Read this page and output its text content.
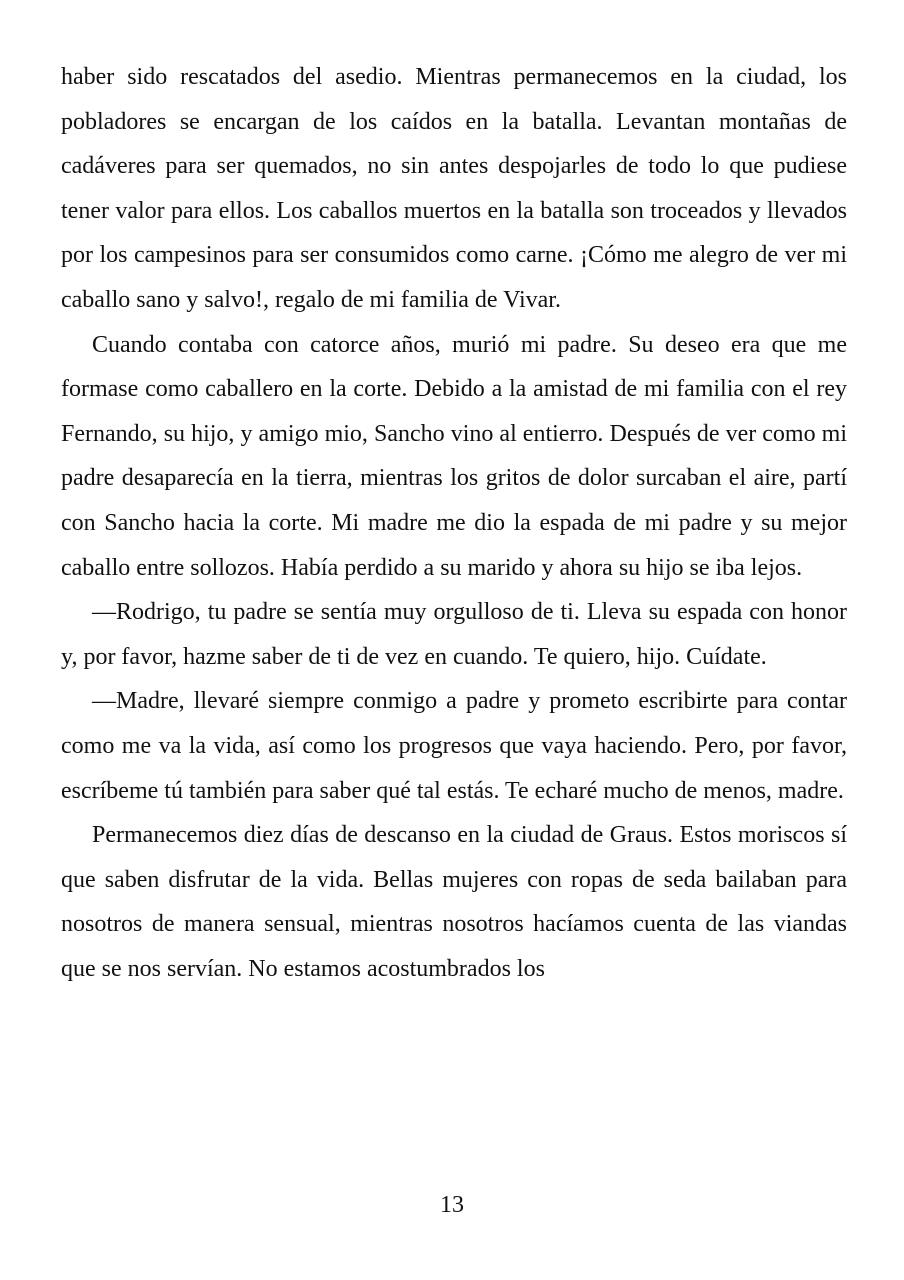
haber sido rescatados del asedio. Mientras permanecemos en la ciudad, los pobladores se encargan de los caídos en la batalla. Levantan montañas de cadáveres para ser quemados, no sin antes despojarles de todo lo que pudiese tener valor para ellos. Los caballos muertos en la batalla son troceados y llevados por los campesinos para ser consumidos como carne. ¡Cómo me alegro de ver mi caballo sano y salvo!, regalo de mi familia de Vivar.

Cuando contaba con catorce años, murió mi padre. Su deseo era que me formase como caballero en la corte. Debido a la amistad de mi familia con el rey Fernando, su hijo, y amigo mio, Sancho vino al entierro. Después de ver como mi padre desaparecía en la tierra, mientras los gritos de dolor surcaban el aire, partí con Sancho hacia la corte. Mi madre me dio la espada de mi padre y su mejor caballo entre sollozos. Había perdido a su marido y ahora su hijo se iba lejos.

—Rodrigo, tu padre se sentía muy orgulloso de ti. Lleva su espada con honor y, por favor, hazme saber de ti de vez en cuando. Te quiero, hijo. Cuídate.

—Madre, llevaré siempre conmigo a padre y prometo escribirte para contar como me va la vida, así como los progresos que vaya haciendo. Pero, por favor, escríbeme tú también para saber qué tal estás. Te echaré mucho de menos, madre.

Permanecemos diez días de descanso en la ciudad de Graus. Estos moriscos sí que saben disfrutar de la vida. Bellas mujeres con ropas de seda bailaban para nosotros de manera sensual, mientras nosotros hacíamos cuenta de las viandas que se nos servían. No estamos acostumbrados los

13
